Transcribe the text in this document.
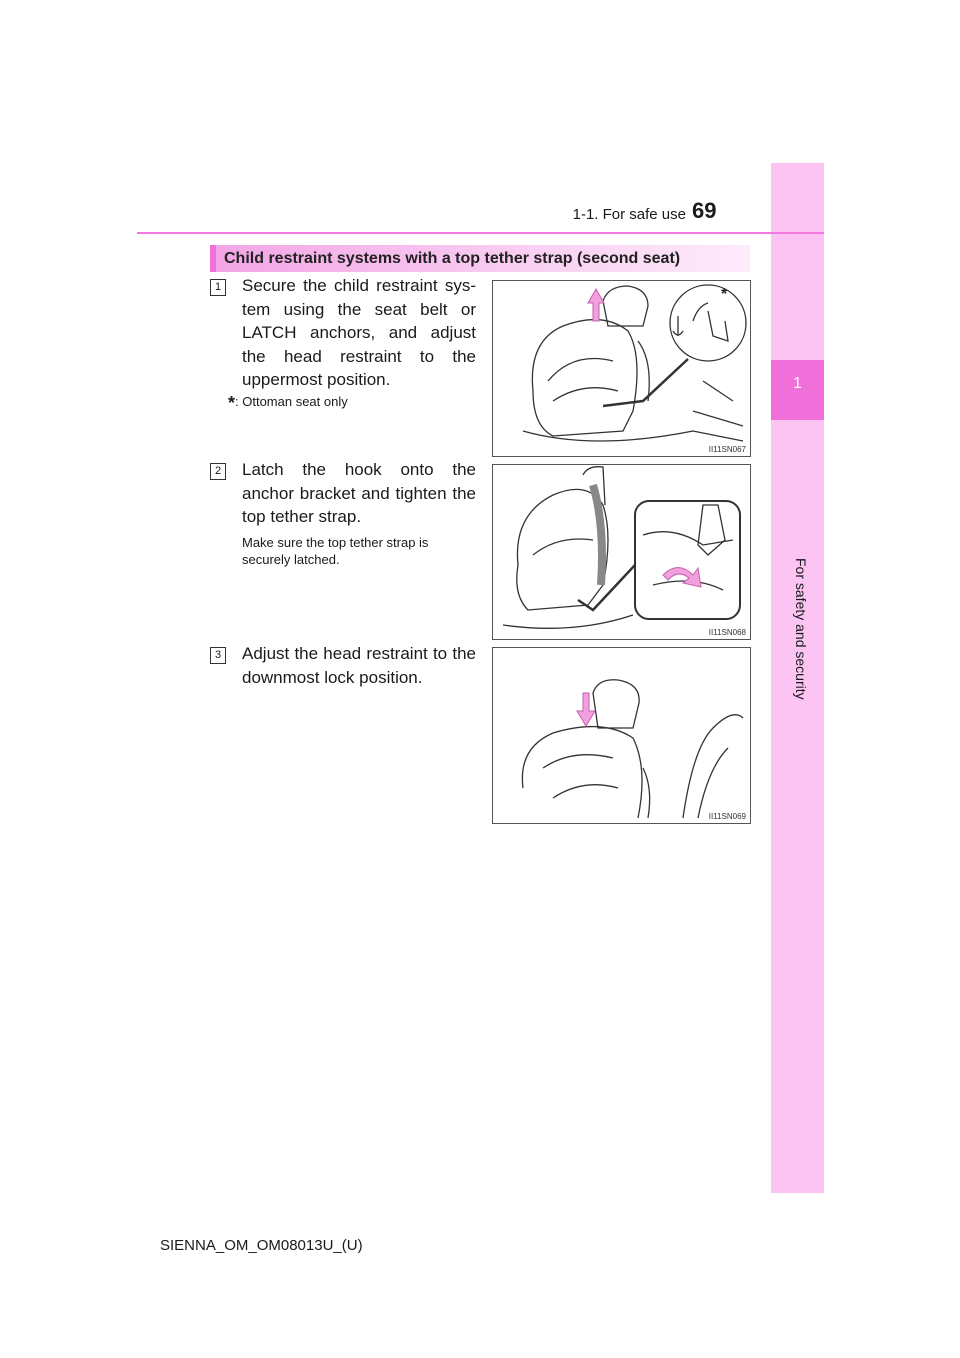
1
For safety and security
1-1. For safe use 69
Child restraint systems with a top tether strap (second seat)
1 Secure the child restraint sys-tem using the seat belt or LATCH anchors, and adjust the head restraint to the uppermost position.
*: Ottoman seat only
*
II11SN067
2 Latch the hook onto the anchor bracket and tighten the top tether strap.
Make sure the top tether strap is securely latched.
II11SN068
3 Adjust the head restraint to the downmost lock position.
II11SN069
SIENNA_OM_OM08013U_(U)
